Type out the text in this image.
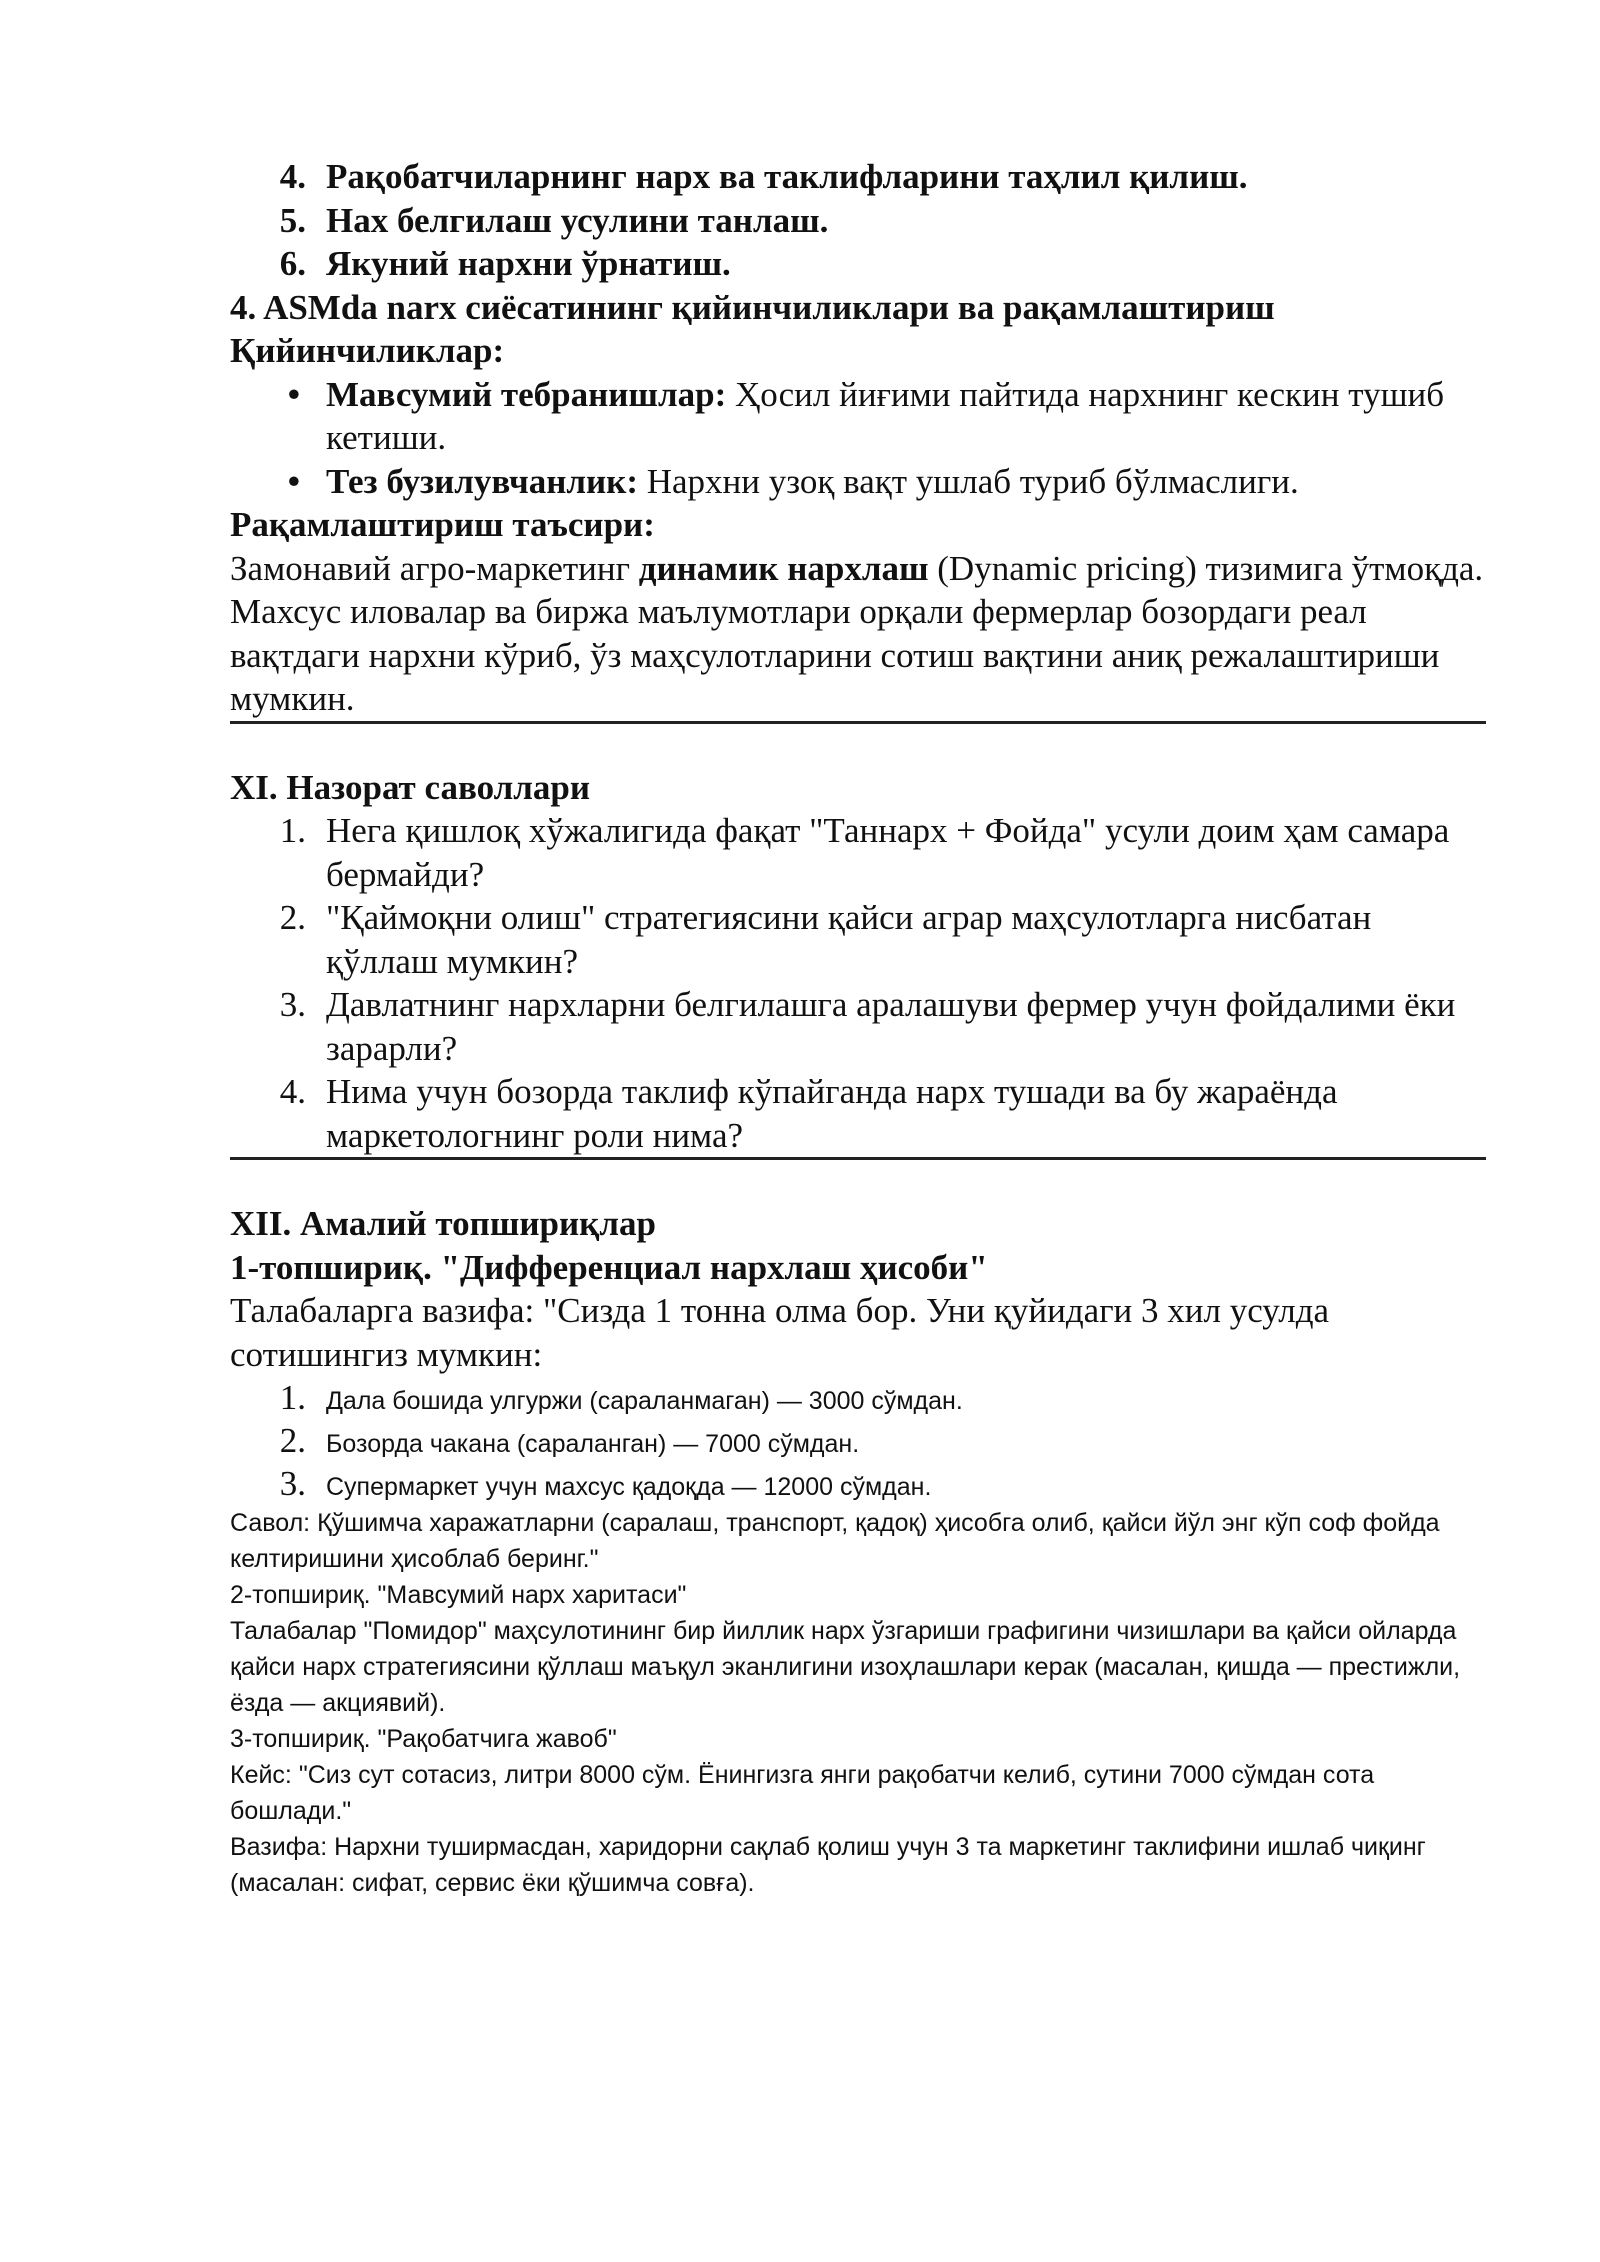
4. Рақобатчиларнинг нарх ва таклифларини таҳлил қилиш.
5. Нах белгилаш усулини танлаш.
6. Якуний нархни ўрнатиш.
4. ASMda narx сиёсатининг қийинчиликлари ва рақамлаштириш
Қийинчиликлар:
• Мавсумий тебранишлар: Ҳосил йиғими пайтида нархнинг кескин тушиб кетиши.
• Тез бузилувчанлик: Нархни узоқ вақт ушлаб туриб бўлмаслиги.
Рақамлаштириш таъсири:
Замонавий агро-маркетинг динамик нархлаш (Dynamic pricing) тизимига ўтмоқда. Махсус иловалар ва биржа маълумотлари орқали фермерлар бозордаги реал вақтдаги нархни кўриб, ўз маҳсулотларини сотиш вақтини аниқ режалаштириши мумкин.
XI. Назорат саволлари
1. Нега қишлоқ хўжалигида фақат "Таннарх + Фойда" усули доим ҳам самара бермайди?
2. "Қаймоқни олиш" стратегиясини қайси аграр маҳсулотларга нисбатан қўллаш мумкин?
3. Давлатнинг нархларни белгилашга аралашуви фермер учун фойдалими ёки зарарли?
4. Нима учун бозорда таклиф кўпайганда нарх тушади ва бу жараёнда маркетологнинг роли нима?
XII. Амалий топшириқлар
1-топшириқ. "Дифференциал нархлаш ҳисоби"
Талабаларга вазифа: "Сизда 1 тонна олма бор. Уни қуйидаги 3 хил усулда сотишингиз мумкин:
1. Дала бошида улгуржи (сараланмаган) — 3000 сўмдан.
2. Бозорда чакана (сараланган) — 7000 сўмдан.
3. Супермаркет учун махсус қадоқда — 12000 сўмдан.
Савол: Қўшимча харажатларни (саралаш, транспорт, қадоқ) ҳисобга олиб, қайси йўл энг кўп соф фойда келтиришини ҳисоблаб беринг."
2-топшириқ. "Мавсумий нарх харитаси"
Талабалар "Помидор" маҳсулотининг бир йиллик нарх ўзгариши графигини чизишлари ва қайси ойларда қайси нарх стратегиясини қўллаш маъқул эканлигини изоҳлашлари керак (масалан, қишда — престижли, ёзда — акциявий).
3-топшириқ. "Рақобатчига жавоб"
Кейс: "Сиз сут сотасиз, литри 8000 сўм. Ёнингизга янги рақобатчи келиб, сутини 7000 сўмдан сота бошлади."
Вазифа: Нархни туширмасдан, харидорни сақлаб қолиш учун 3 та маркетинг таклифини ишлаб чиқинг (масалан: сифат, сервис ёки қўшимча совға).
